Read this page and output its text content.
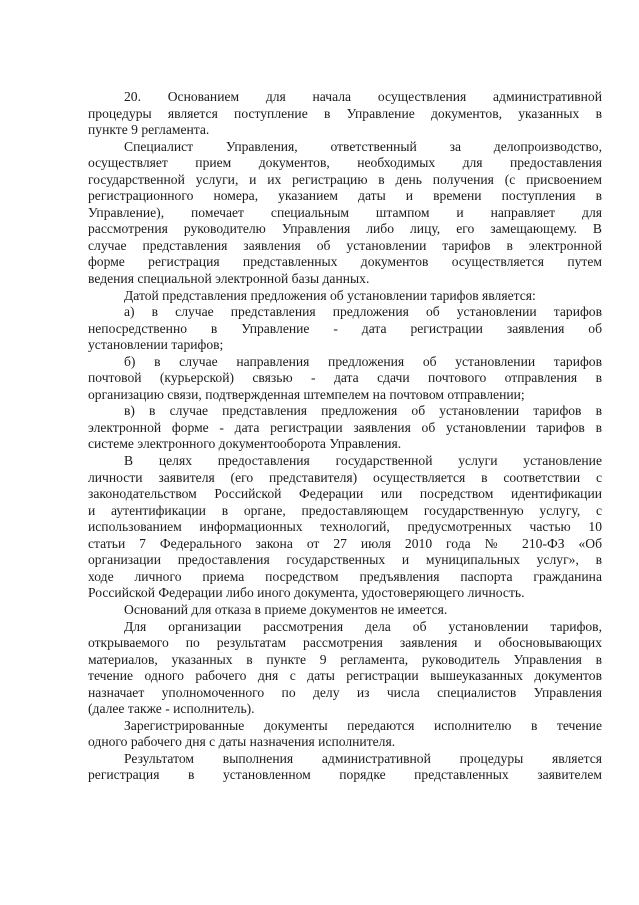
20. Основанием для начала осуществления административной
процедуры является поступление в Управление документов, указанных в
пункте 9 регламента.

Специалист Управления, ответственный за делопроизводство,
осуществляет прием документов, необходимых для предоставления
государственной услуги, и их регистрацию в день получения (с присвоением
регистрационного номера, указанием даты и времени поступления в
Управление), помечает специальным штампом и направляет для
рассмотрения руководителю Управления либо лицу, его замещающему. В
случае представления заявления об установлении тарифов в электронной
форме регистрация представленных документов осуществляется путем
ведения специальной электронной базы данных.

Датой представления предложения об установлении тарифов является:

а) в случае представления предложения об установлении тарифов
непосредственно в Управление - дата регистрации заявления об
установлении тарифов;

б) в случае направления предложения об установлении тарифов
почтовой (курьерской) связью - дата сдачи почтового отправления в
организацию связи, подтвержденная штемпелем на почтовом отправлении;

в) в случае представления предложения об установлении тарифов в
электронной форме - дата регистрации заявления об установлении тарифов в
системе электронного документооборота Управления.

В целях предоставления государственной услуги установление
личности заявителя (его представителя) осуществляется в соответствии с
законодательством Российской Федерации или посредством идентификации
и аутентификации в органе, предоставляющем государственную услугу, с
использованием информационных технологий, предусмотренных частью 10
статьи 7 Федерального закона от 27 июля 2010 года № 210-ФЗ «Об
организации предоставления государственных и муниципальных услуг», в
ходе личного приема посредством предъявления паспорта гражданина
Российской Федерации либо иного документа, удостоверяющего личность.

Оснований для отказа в приеме документов не имеется.

Для организации рассмотрения дела об установлении тарифов,
открываемого по результатам рассмотрения заявления и обосновывающих
материалов, указанных в пункте 9 регламента, руководитель Управления в
течение одного рабочего дня с даты регистрации вышеуказанных документов
назначает уполномоченного по делу из числа специалистов Управления
(далее также - исполнитель).

Зарегистрированные документы передаются исполнителю в течение
одного рабочего дня с даты назначения исполнителя.

Результатом выполнения административной процедуры является
регистрация в установленном порядке представленных заявителем
